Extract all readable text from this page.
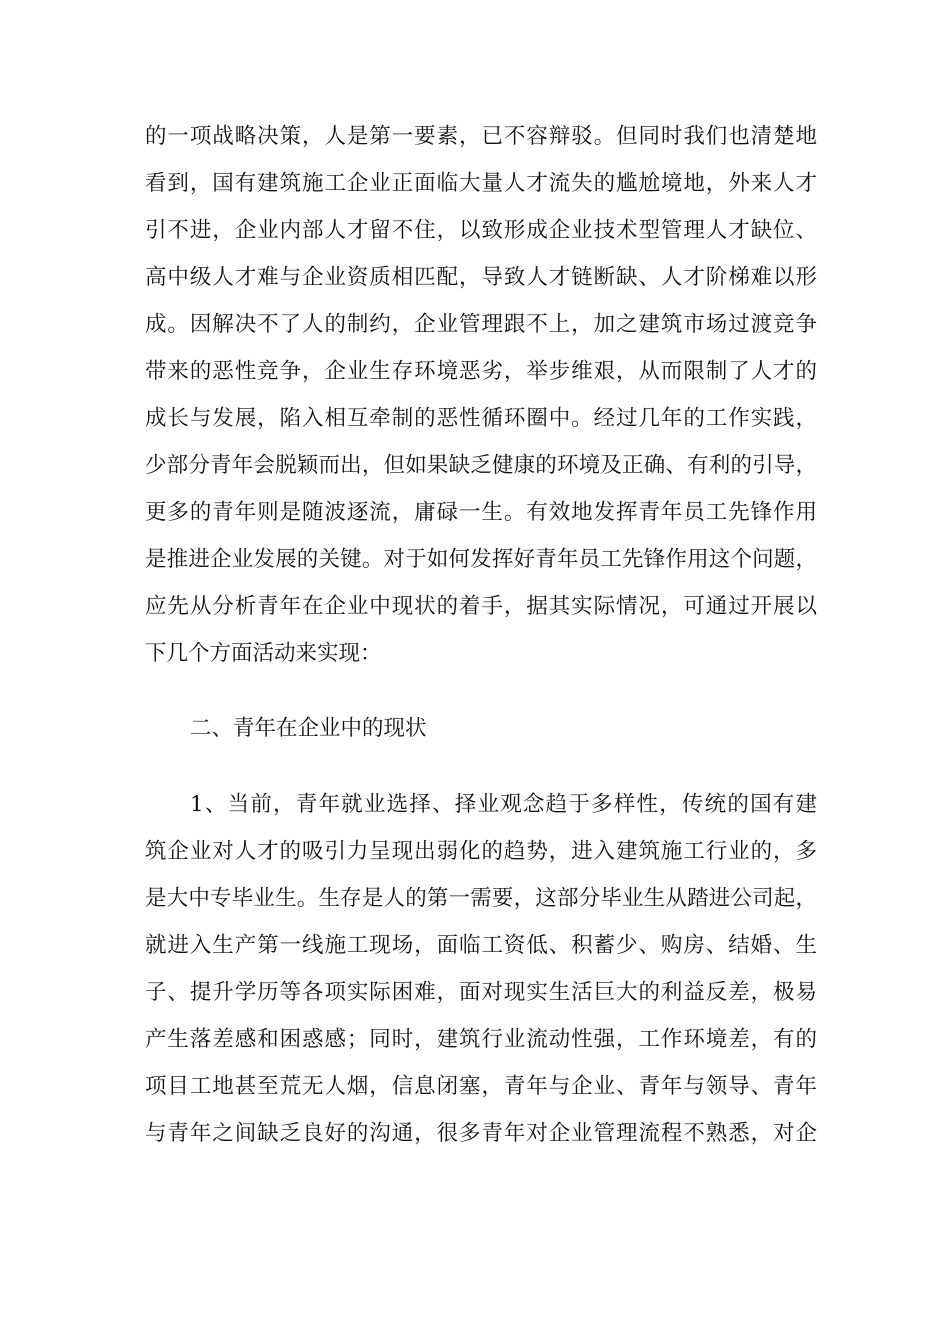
的一项战略决策，人是第一要素，已不容辩驳。但同时我们也清楚地
看到，国有建筑施工企业正面临大量人才流失的尴尬境地，外来人才
引不进，企业内部人才留不住，以致形成企业技术型管理人才缺位、
高中级人才难与企业资质相匹配，导致人才链断缺、人才阶梯难以形
成。因解决不了人的制约，企业管理跟不上，加之建筑市场过渡竞争
带来的恶性竞争，企业生存环境恶劣，举步维艰，从而限制了人才的
成长与发展，陷入相互牵制的恶性循环圈中。经过几年的工作实践，
少部分青年会脱颖而出，但如果缺乏健康的环境及正确、有利的引导，
更多的青年则是随波逐流，庸碌一生。有效地发挥青年员工先锋作用
是推进企业发展的关键。对于如何发挥好青年员工先锋作用这个问题，
应先从分析青年在企业中现状的着手，据其实际情况，可通过开展以
下几个方面活动来实现：
二、青年在企业中的现状
1、当前，青年就业选择、择业观念趋于多样性，传统的国有建
筑企业对人才的吸引力呈现出弱化的趋势，进入建筑施工行业的，多
是大中专毕业生。生存是人的第一需要，这部分毕业生从踏进公司起，
就进入生产第一线施工现场，面临工资低、积蓄少、购房、结婚、生
子、提升学历等各项实际困难，面对现实生活巨大的利益反差，极易
产生落差感和困惑感；同时，建筑行业流动性强，工作环境差，有的
项目工地甚至荒无人烟，信息闭塞，青年与企业、青年与领导、青年
与青年之间缺乏良好的沟通，很多青年对企业管理流程不熟悉，对企
